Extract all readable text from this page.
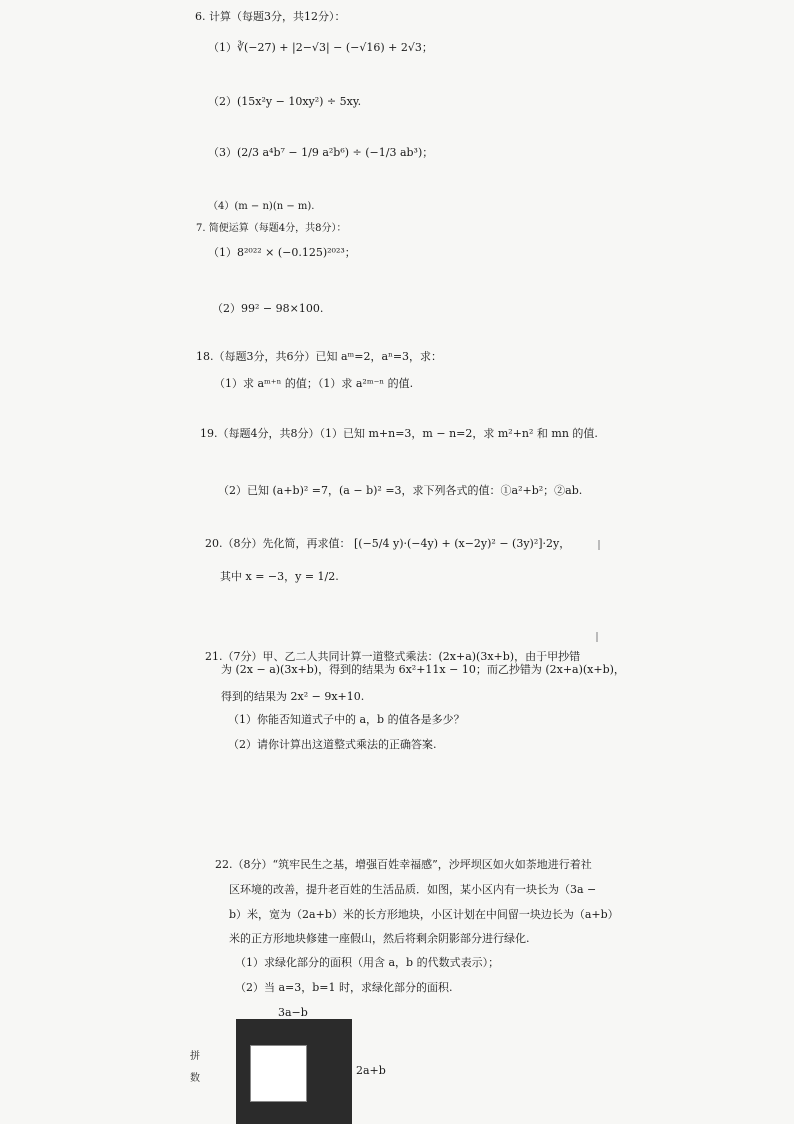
6. 计算（每题3分，共12分）：
（1）∛(−27) + |2−√3| − (−√16) + 2√3；
（2）(15x²y − 10xy²) ÷ 5xy.
（3）(2/3 a⁴b⁷ − 1/9 a²b⁶) ÷ (−1/3 ab³)；
（4）(m − n)(n − m).
7. 简便运算（每题4分，共8分）：
（1）8²⁰²² × (−0.125)²⁰²³；
（2）99² − 98×100.
18.（每题3分，共6分）已知 aᵐ=2，aⁿ=3，求：
（1）求 aᵐ⁺ⁿ 的值；（1）求 a²ᵐ⁻ⁿ 的值.
19.（每题4分，共8分）（1）已知 m+n=3，m − n=2，求 m²+n² 和 mn 的值.
（2）已知 (a+b)² =7，(a − b)² =3，求下列各式的值：①a²+b²；②ab.
20.（8分）先化简，再求值： [(−5/4 y)·(−4y) + (x−2y)² − (3y)²]·2y，
其中 x = −3，y = 1/2.
21.（7分）甲、乙二人共同计算一道整式乘法：(2x+a)(3x+b)，由于甲抄错
为 (2x − a)(3x+b)，得到的结果为 6x²+11x − 10；而乙抄错为 (2x+a)(x+b)，
得到的结果为 2x² − 9x+10.
（1）你能否知道式子中的 a，b 的值各是多少？
（2）请你计算出这道整式乘法的正确答案.
22.（8分）“筑牢民生之基，增强百姓幸福感”，沙坪坝区如火如荼地进行着社
区环境的改善，提升老百姓的生活品质．如图，某小区内有一块长为（3a −
b）米，宽为（2a+b）米的长方形地块，小区计划在中间留一块边长为（a+b）
米的正方形地块修建一座假山，然后将剩余阴影部分进行绿化.
（1）求绿化部分的面积（用含 a，b 的代数式表示）；
（2）当 a=3，b=1 时，求绿化部分的面积.
3a−b
2a+b
拼
数
